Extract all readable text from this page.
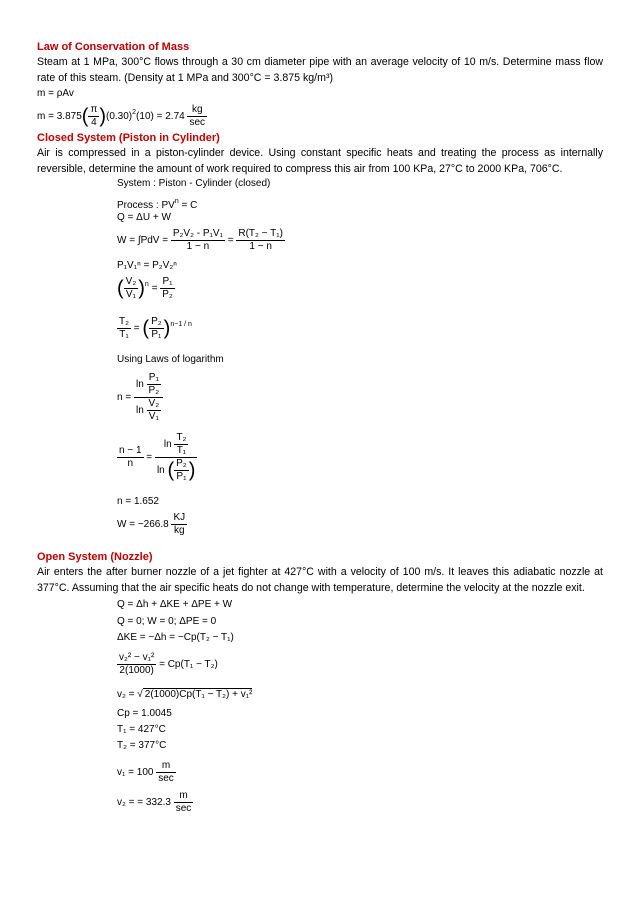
Law of Conservation of Mass
Steam at 1 MPa, 300°C flows through a 30 cm diameter pipe with an average velocity of 10 m/s. Determine mass flow rate of this steam. (Density at 1 MPa and 300°C = 3.875 kg/m³)
m = ρAv
$m = 3.875( \frac{\pi}{4} )(0.30)^2(10) = 2.74 \frac{kg}{\sec}$
Closed System (Piston in Cylinder)
Air is compressed in a piston-cylinder device. Using constant specific heats and treating the process as internally reversible, determine the amount of work required to compress this air from 100 KPa, 27°C to 2000 KPa, 706°C.
System : Piston - Cylinder (closed)
Process : $PV^n = C$
Q = ΔU + W
$W = \int PdV = \frac{\text{P₂V₂ - P₁V₁}}{1 - n} = \frac{\text{R(T₂ − T₁)}}{1 - n}$
P₁V₁ⁿ = P₂V₂ⁿ
( $\frac{\text{V₂}}{\text{V₁}} )^n = \frac{\text{P₁}}{\text{P₂}}$
$\frac{\text{T₂}}{\text{T₁}}$ = ( $\frac{\text{P₂}}{\text{P₁}} )^{n-1 / n}$
Using Laws of logarithm
$n = \frac{\ln \frac{\text{P₁}}{\text{P₂}}}{\ln \frac{\text{V₂}}{\text{V₁}}}$
$\frac{n - 1}{n} = \frac{\ln \frac{\text{T₂}}{\text{T₁}}}{\ln ( \frac{\text{P₂}}{\text{P₁}} )}$
n = 1.652
$W = -266.8 \frac{KJ}{kg}$
Open System (Nozzle)
Air enters the after burner nozzle of a jet fighter at 427°C with a velocity of 100 m/s. It leaves this adiabatic nozzle at 377°C. Assuming that the air specific heats do not change with temperature, determine the velocity at the nozzle exit.
Q = Δh + ΔKE + ΔPE + W
Q = 0; W = 0; ΔPE = 0
ΔKE = −Δh = −Cp(T₂ − T₁)
$\frac{\text{v₂² − v₁²}}{2(1000)} = Cp(T_1 - T_2)$
v₂ = √ 2(1000)Cp(T₁ − T₂) + v₁²
Cp = 1.0045
T₁ = 427°C
T₂ = 377°C
$v_1 = 100 \frac{m}{\sec}$
v₂ = = $332.3 \frac{m}{\sec}$
